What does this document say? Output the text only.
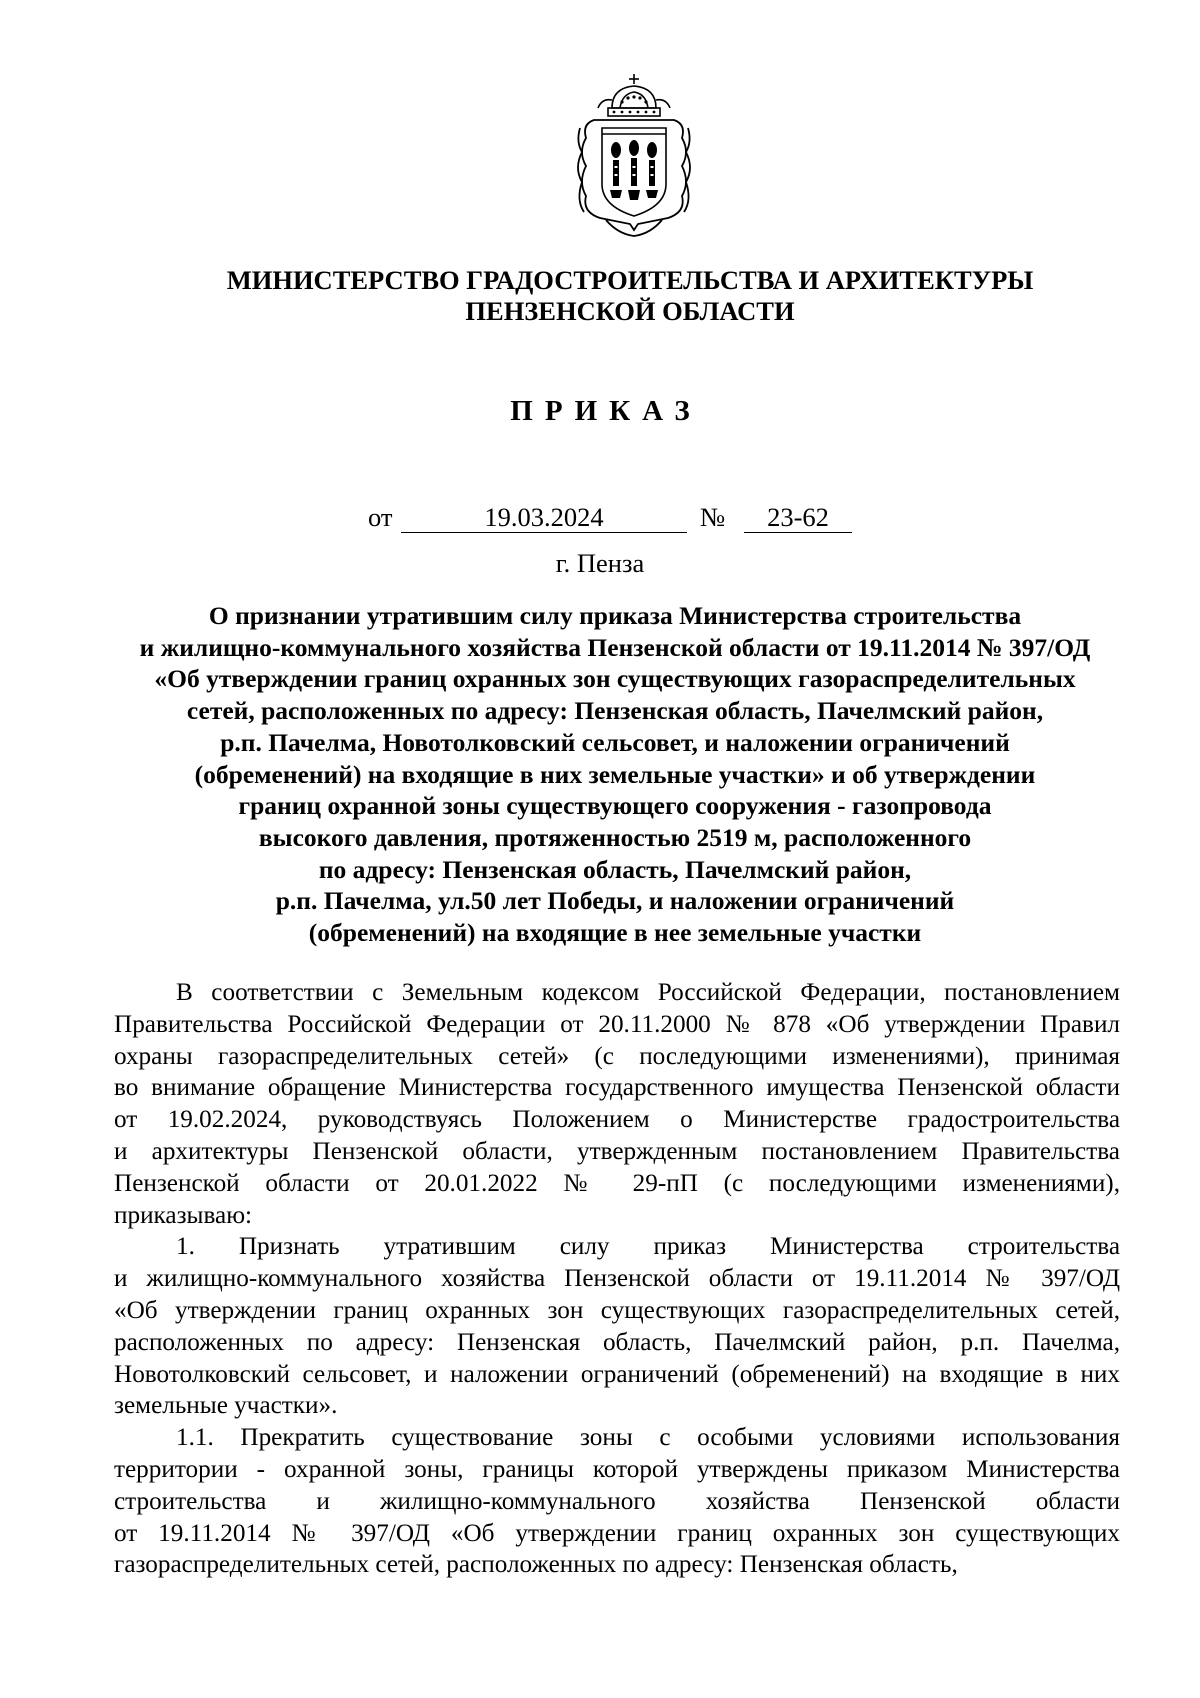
МИНИСТЕРСТВО ГРАДОСТРОИТЕЛЬСТВА И АРХИТЕКТУРЫ
ПЕНЗЕНСКОЙ ОБЛАСТИ
ПРИКАЗ
от	19.03.2024	№	23-62
г. Пенза
О признании утратившим силу приказа Министерства строительства
и жилищно-коммунального хозяйства Пензенской области от 19.11.2014 № 397/ОД
«Об утверждении границ охранных зон существующих газораспределительных
сетей, расположенных по адресу: Пензенская область, Пачелмский район,
р.п. Пачелма, Новотолковский сельсовет, и наложении ограничений
(обременений) на входящие в них земельные участки» и об утверждении
границ охранной зоны существующего сооружения - газопровода
высокого давления, протяженностью 2519 м, расположенного
по адресу: Пензенская область, Пачелмский район,
р.п. Пачелма, ул.50 лет Победы, и наложении ограничений
(обременений) на входящие в нее земельные участки
В соответствии с Земельным кодексом Российской Федерации, постановлением
Правительства Российской Федерации от 20.11.2000 № 878 «Об утверждении Правил
охраны газораспределительных сетей» (с последующими изменениями), принимая
во внимание обращение Министерства государственного имущества Пензенской области
от 19.02.2024, руководствуясь Положением о Министерстве градостроительства
и архитектуры Пензенской области, утвержденным постановлением Правительства
Пензенской области от 20.01.2022 № 29-пП (с последующими изменениями),
приказываю:
1. Признать утратившим силу приказ Министерства строительства
и жилищно-коммунального хозяйства Пензенской области от 19.11.2014 № 397/ОД
«Об утверждении границ охранных зон существующих газораспределительных сетей,
расположенных по адресу: Пензенская область, Пачелмский район, р.п. Пачелма,
Новотолковский сельсовет, и наложении ограничений (обременений) на входящие в них
земельные участки».
1.1. Прекратить существование зоны с особыми условиями использования
территории - охранной зоны, границы которой утверждены приказом Министерства
строительства и жилищно-коммунального хозяйства Пензенской области
от 19.11.2014 № 397/ОД «Об утверждении границ охранных зон существующих
газораспределительных сетей, расположенных по адресу: Пензенская область,
